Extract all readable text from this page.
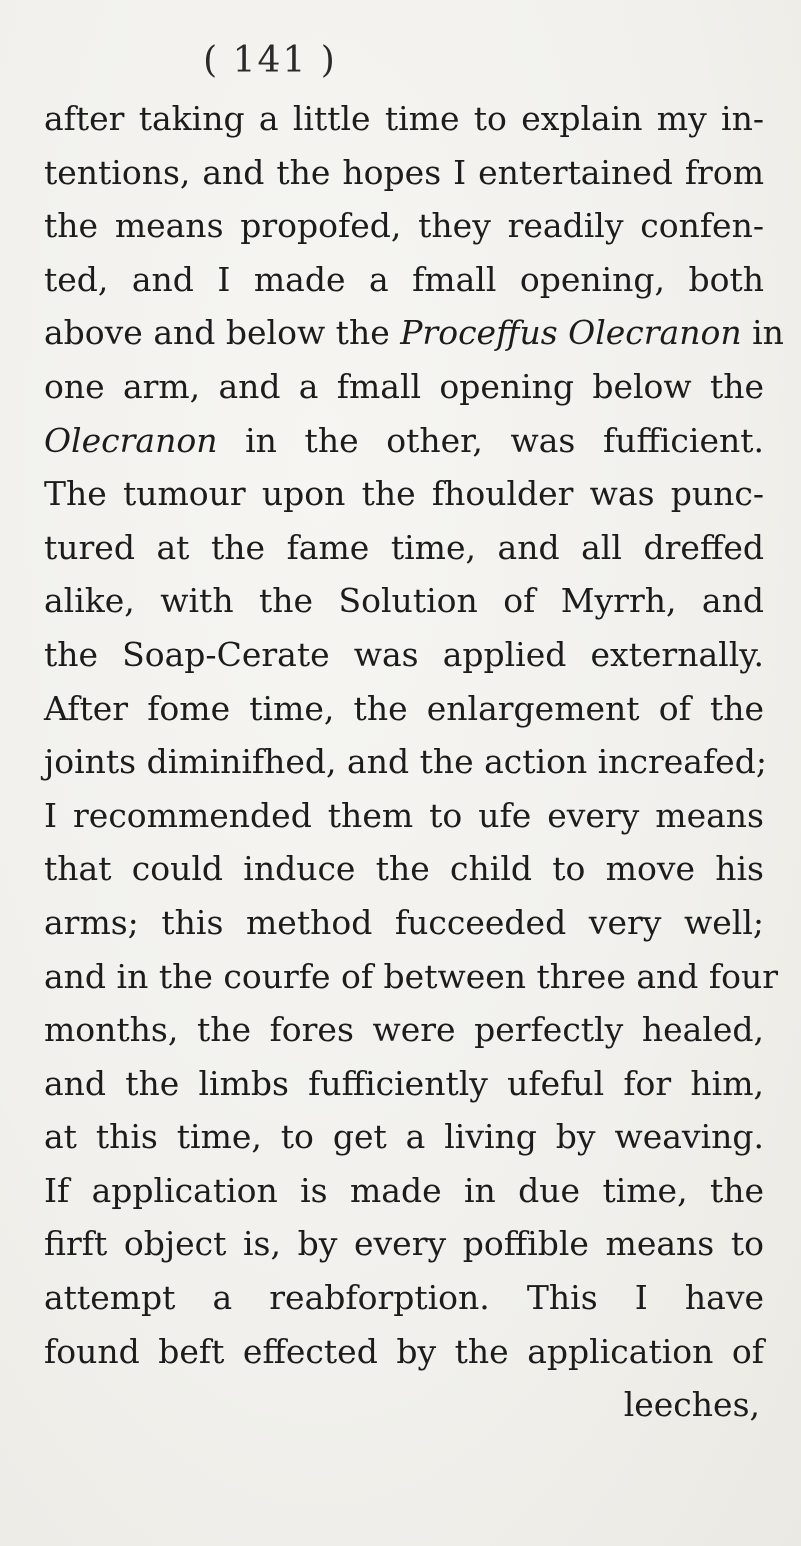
( 141 )
after taking a little time to explain my in-
tentions, and the hopes I entertained from
the means propofed, they readily confen-
ted, and I made a fmall opening, both
above and below the Proceffus Olecranon in
one arm, and a fmall opening below the
Olecranon in the other, was fufficient.
The tumour upon the fhoulder was punc-
tured at the fame time, and all dreffed
alike, with the Solution of Myrrh, and
the Soap-Cerate was applied externally.
After fome time, the enlargement of the
joints diminifhed, and the action increafed;
I recommended them to ufe every means
that could induce the child to move his
arms; this method fucceeded very well;
and in the courfe of between three and four
months, the fores were perfectly healed,
and the limbs fufficiently ufeful for him,
at this time, to get a living by weaving.
If application is made in due time, the
firft object is, by every poffible means to
attempt a reabforption. This I have
found beft effected by the application of
leeches,
